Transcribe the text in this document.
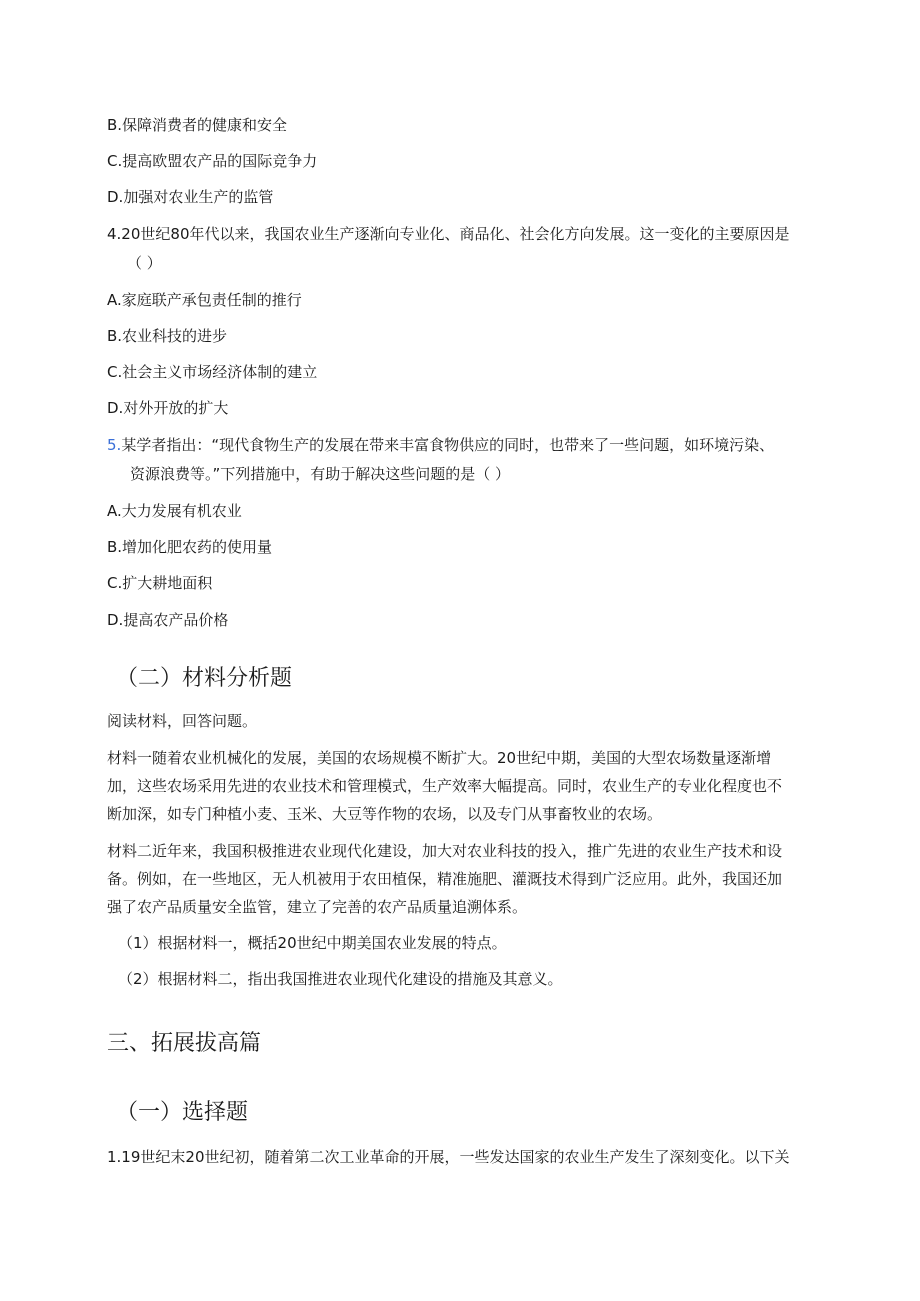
B.保障消费者的健康和安全
C.提高欧盟农产品的国际竞争力
D.加强对农业生产的监管
4.20世纪80年代以来，我国农业生产逐渐向专业化、商品化、社会化方向发展。这一变化的主要原因是
（ ）
A.家庭联产承包责任制的推行
B.农业科技的进步
C.社会主义市场经济体制的建立
D.对外开放的扩大
5.某学者指出：“现代食物生产的发展在带来丰富食物供应的同时，也带来了一些问题，如环境污染、
资源浪费等。”下列措施中，有助于解决这些问题的是（ ）
A.大力发展有机农业
B.增加化肥农药的使用量
C.扩大耕地面积
D.提高农产品价格
（二）材料分析题
阅读材料，回答问题。
材料一随着农业机械化的发展，美国的农场规模不断扩大。20世纪中期，美国的大型农场数量逐渐增
加，这些农场采用先进的农业技术和管理模式，生产效率大幅提高。同时，农业生产的专业化程度也不
断加深，如专门种植小麦、玉米、大豆等作物的农场，以及专门从事畜牧业的农场。
材料二近年来，我国积极推进农业现代化建设，加大对农业科技的投入，推广先进的农业生产技术和设
备。例如，在一些地区，无人机被用于农田植保，精准施肥、灌溉技术得到广泛应用。此外，我国还加
强了农产品质量安全监管，建立了完善的农产品质量追溯体系。
（1）根据材料一，概括20世纪中期美国农业发展的特点。
（2）根据材料二，指出我国推进农业现代化建设的措施及其意义。
三、拓展拔高篇
（一）选择题
1.19世纪末20世纪初，随着第二次工业革命的开展，一些发达国家的农业生产发生了深刻变化。以下关
